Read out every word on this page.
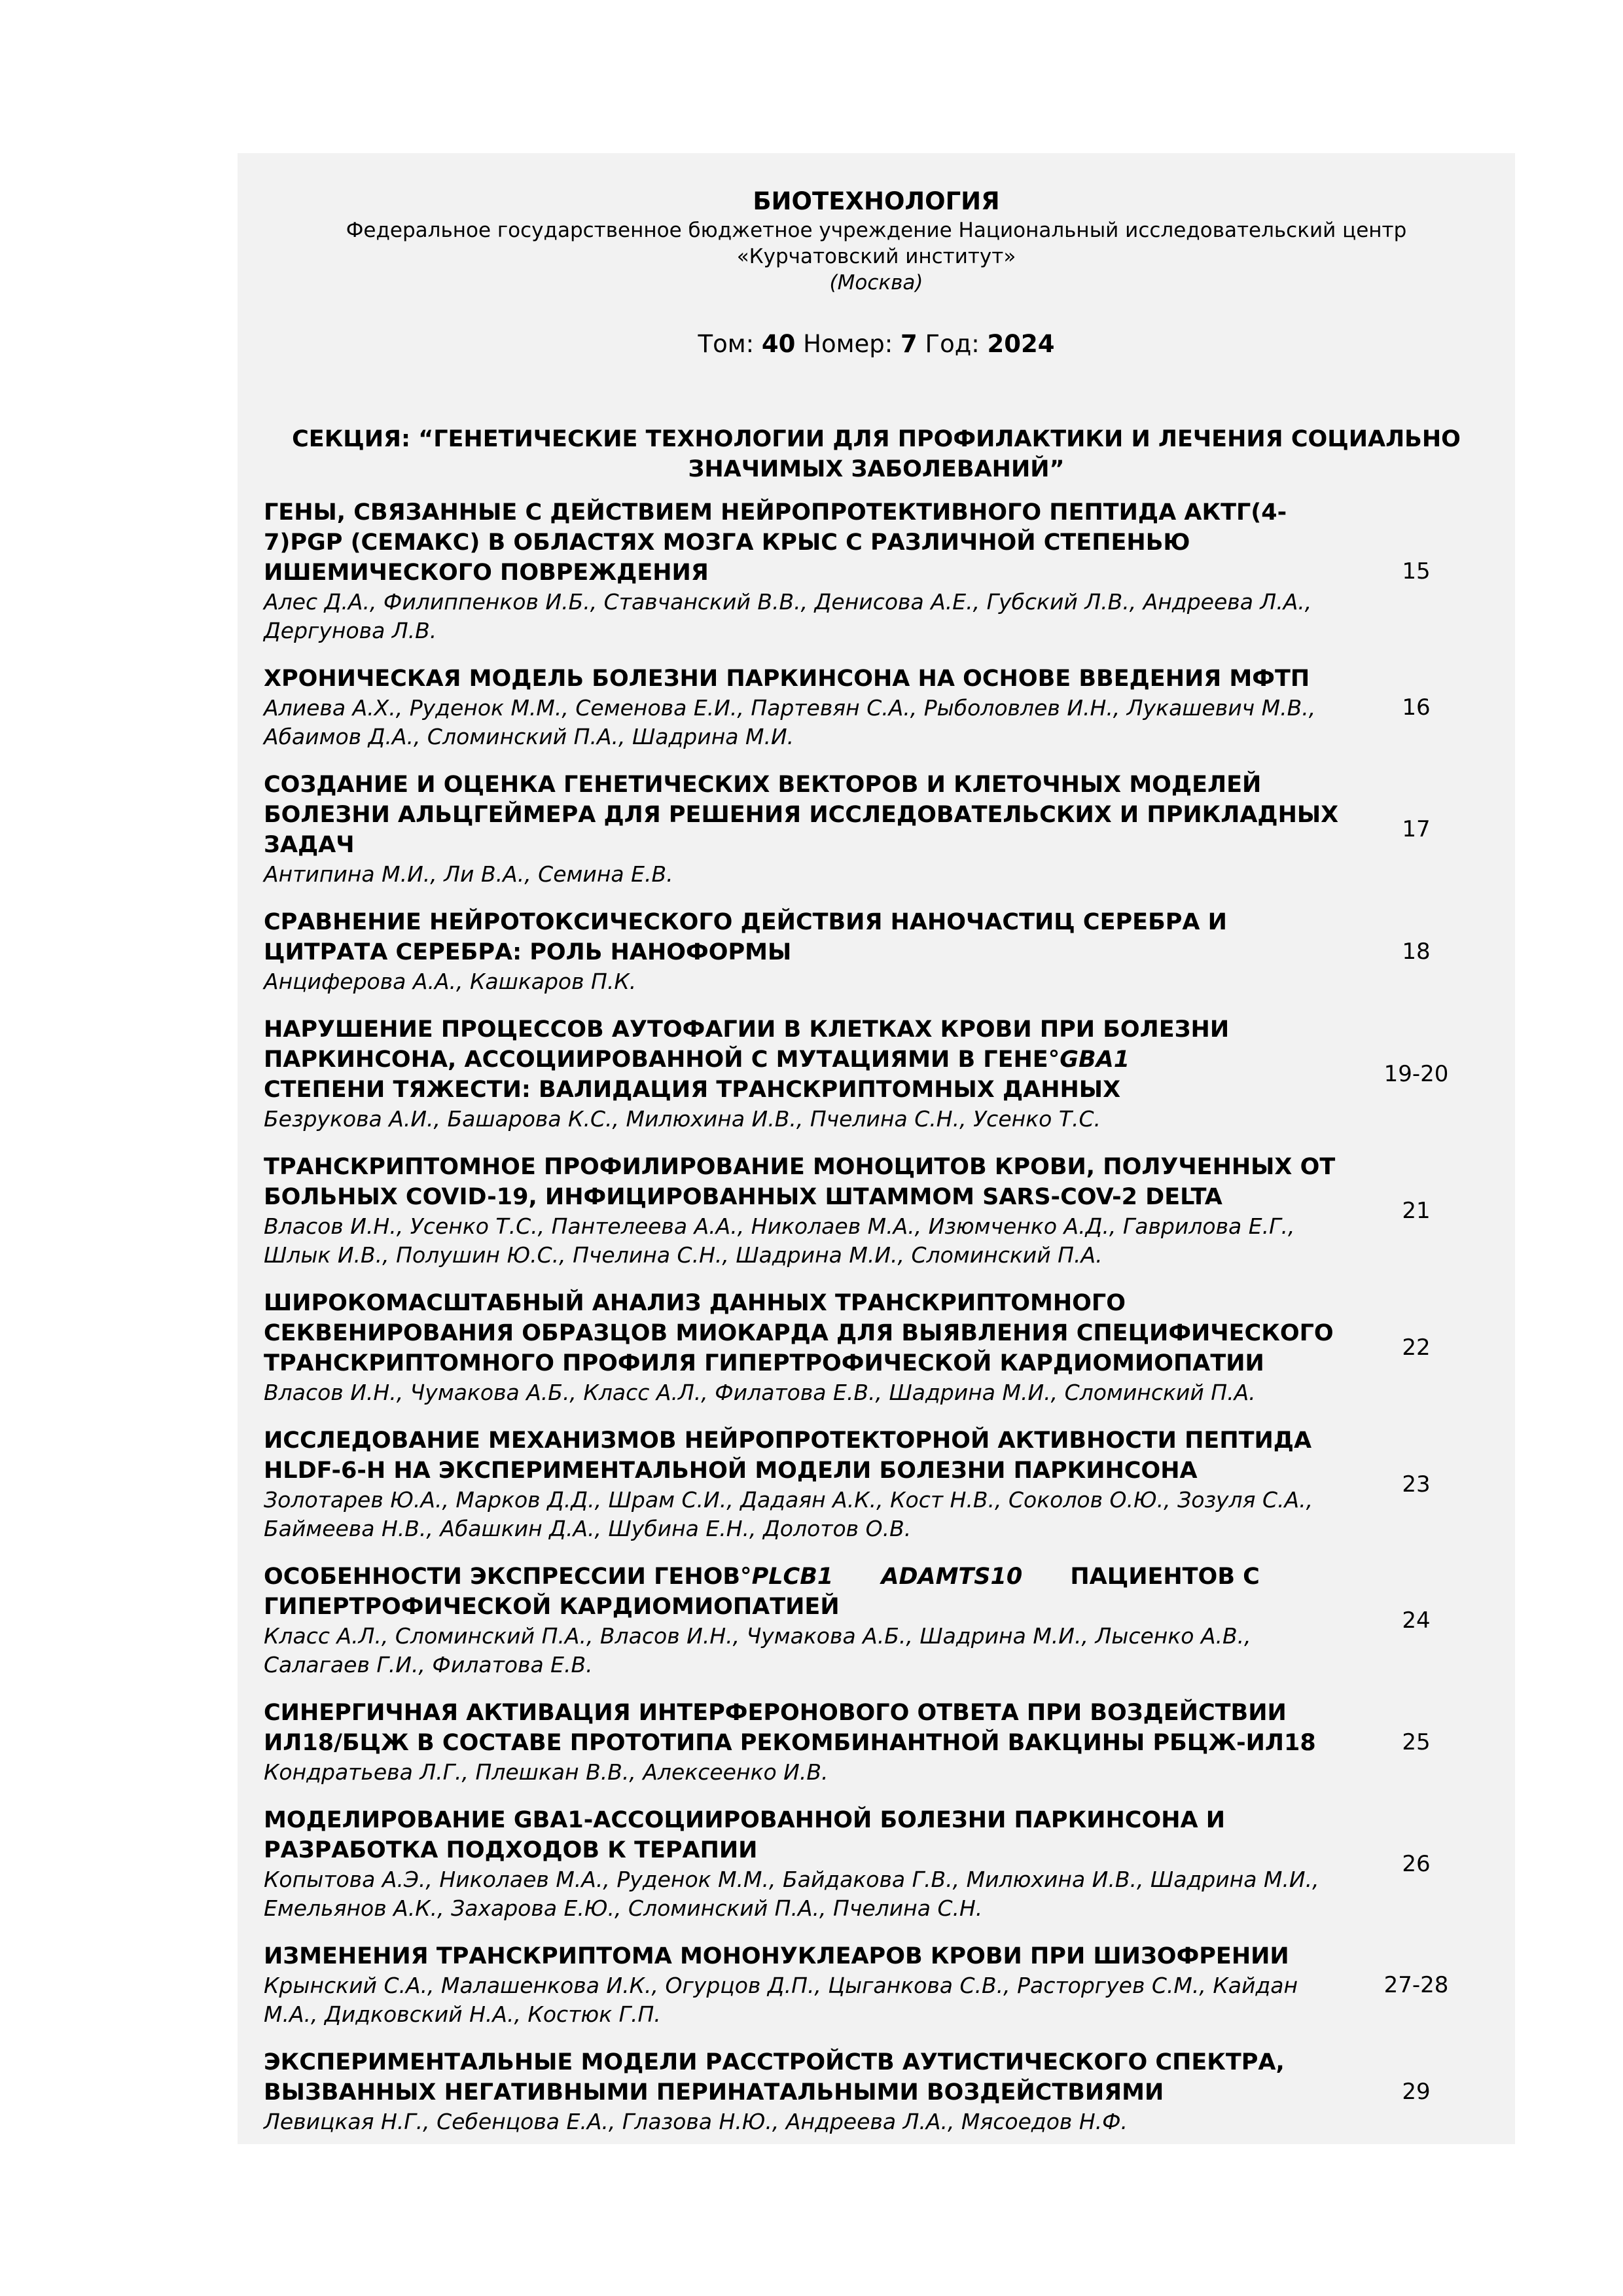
БИОТЕХНОЛОГИЯ
Федеральное государственное бюджетное учреждение Национальный исследовательский центр «Курчатовский институт»
(Москва)
Том: 40 Номер: 7 Год: 2024
СЕКЦИЯ: “ГЕНЕТИЧЕСКИЕ ТЕХНОЛОГИИ ДЛЯ ПРОФИЛАКТИКИ И ЛЕЧЕНИЯ СОЦИАЛЬНО ЗНАЧИМЫХ ЗАБОЛЕВАНИЙ”
ГЕНЫ, СВЯЗАННЫЕ С ДЕЙСТВИЕМ НЕЙРОПРОТЕКТИВНОГО ПЕПТИДА АКТГ(4-7)PGP (СЕМАКС) В ОБЛАСТЯХ МОЗГА КРЫС С РАЗЛИЧНОЙ СТЕПЕНЬЮ ИШЕМИЧЕСКОГО ПОВРЕЖДЕНИЯ
Алес Д.А., Филиппенков И.Б., Ставчанский В.В., Денисова А.Е., Губский Л.В., Андреева Л.А., Дергунова Л.В.
15
ХРОНИЧЕСКАЯ МОДЕЛЬ БОЛЕЗНИ ПАРКИНСОНА НА ОСНОВЕ ВВЕДЕНИЯ МФТП
Алиева А.Х., Руденок М.М., Семенова Е.И., Партевян С.А., Рыболовлев И.Н., Лукашевич М.В., Абаимов Д.А., Сломинский П.А., Шадрина М.И.
16
СОЗДАНИЕ И ОЦЕНКА ГЕНЕТИЧЕСКИХ ВЕКТОРОВ И КЛЕТОЧНЫХ МОДЕЛЕЙ БОЛЕЗНИ АЛЬЦГЕЙМЕРА ДЛЯ РЕШЕНИЯ ИССЛЕДОВАТЕЛЬСКИХ И ПРИКЛАДНЫХ ЗАДАЧ
Антипина М.И., Ли В.А., Семина Е.В.
17
СРАВНЕНИЕ НЕЙРОТОКСИЧЕСКОГО ДЕЙСТВИЯ НАНОЧАСТИЦ СЕРЕБРА И ЦИТРАТА СЕРЕБРА: РОЛЬ НАНОФОРМЫ
Анциферова А.А., Кашкаров П.К.
18
НАРУШЕНИЕ ПРОЦЕССОВ АУТОФАГИИ В КЛЕТКАХ КРОВИ ПРИ БОЛЕЗНИ ПАРКИНСОНА, АССОЦИИРОВАННОЙ С МУТАЦИЯМИ В ГЕНЕ°GBA1
СТЕПЕНИ ТЯЖЕСТИ: ВАЛИДАЦИЯ ТРАНСКРИПТОМНЫХ ДАННЫХ
Безрукова А.И., Башарова К.С., Милюхина И.В., Пчелина С.Н., Усенко Т.С.
19-20
ТРАНСКРИПТОМНОЕ ПРОФИЛИРОВАНИЕ МОНОЦИТОВ КРОВИ, ПОЛУЧЕННЫХ ОТ БОЛЬНЫХ COVID-19, ИНФИЦИРОВАННЫХ ШТАММОМ SARS-COV-2 DELTA
Власов И.Н., Усенко Т.С., Пантелеева А.А., Николаев М.А., Изюмченко А.Д., Гаврилова Е.Г., Шлык И.В., Полушин Ю.С., Пчелина С.Н., Шадрина М.И., Сломинский П.А.
21
ШИРОКОМАСШТАБНЫЙ АНАЛИЗ ДАННЫХ ТРАНСКРИПТОМНОГО СЕКВЕНИРОВАНИЯ ОБРАЗЦОВ МИОКАРДА ДЛЯ ВЫЯВЛЕНИЯ СПЕЦИФИЧЕСКОГО ТРАНСКРИПТОМНОГО ПРОФИЛЯ ГИПЕРТРОФИЧЕСКОЙ КАРДИОМИОПАТИИ
Власов И.Н., Чумакова А.Б., Класс А.Л., Филатова Е.В., Шадрина М.И., Сломинский П.А.
22
ИССЛЕДОВАНИЕ МЕХАНИЗМОВ НЕЙРОПРОТЕКТОРНОЙ АКТИВНОСТИ ПЕПТИДА HLDF-6-H НА ЭКСПЕРИМЕНТАЛЬНОЙ МОДЕЛИ БОЛЕЗНИ ПАРКИНСОНА
Золотарев Ю.А., Марков Д.Д., Шрам С.И., Дадаян А.К., Кост Н.В., Соколов О.Ю., Зозуля С.А., Баймеева Н.В., Абашкин Д.А., Шубина Е.Н., Долотов О.В.
23
ОСОБЕННОСТИ ЭКСПРЕССИИ ГЕНОВ°PLCB1 ADAMTS10 ПАЦИЕНТОВ С ГИПЕРТРОФИЧЕСКОЙ КАРДИОМИОПАТИЕЙ
Класс А.Л., Сломинский П.А., Власов И.Н., Чумакова А.Б., Шадрина М.И., Лысенко А.В., Салагаев Г.И., Филатова Е.В.
24
СИНЕРГИЧНАЯ АКТИВАЦИЯ ИНТЕРФЕРОНОВОГО ОТВЕТА ПРИ ВОЗДЕЙСТВИИ ИЛ18/БЦЖ В СОСТАВЕ ПРОТОТИПА РЕКОМБИНАНТНОЙ ВАКЦИНЫ РБЦЖ-ИЛ18
Кондратьева Л.Г., Плешкан В.В., Алексеенко И.В.
25
МОДЕЛИРОВАНИЕ GBA1-АССОЦИИРОВАННОЙ БОЛЕЗНИ ПАРКИНСОНА И РАЗРАБОТКА ПОДХОДОВ К ТЕРАПИИ
Копытова А.Э., Николаев М.А., Руденок М.М., Байдакова Г.В., Милюхина И.В., Шадрина М.И., Емельянов А.К., Захарова Е.Ю., Сломинский П.А., Пчелина С.Н.
26
ИЗМЕНЕНИЯ ТРАНСКРИПТОМА МОНОНУКЛЕАРОВ КРОВИ ПРИ ШИЗОФРЕНИИ
Крынский С.А., Малашенкова И.К., Огурцов Д.П., Цыганкова С.В., Расторгуев С.М., Кайдан М.А., Дидковский Н.А., Костюк Г.П.
27-28
ЭКСПЕРИМЕНТАЛЬНЫЕ МОДЕЛИ РАССТРОЙСТВ АУТИСТИЧЕСКОГО СПЕКТРА, ВЫЗВАННЫХ НЕГАТИВНЫМИ ПЕРИНАТАЛЬНЫМИ ВОЗДЕЙСТВИЯМИ
Левицкая Н.Г., Себенцова Е.А., Глазова Н.Ю., Андреева Л.А., Мясоедов Н.Ф.
29
